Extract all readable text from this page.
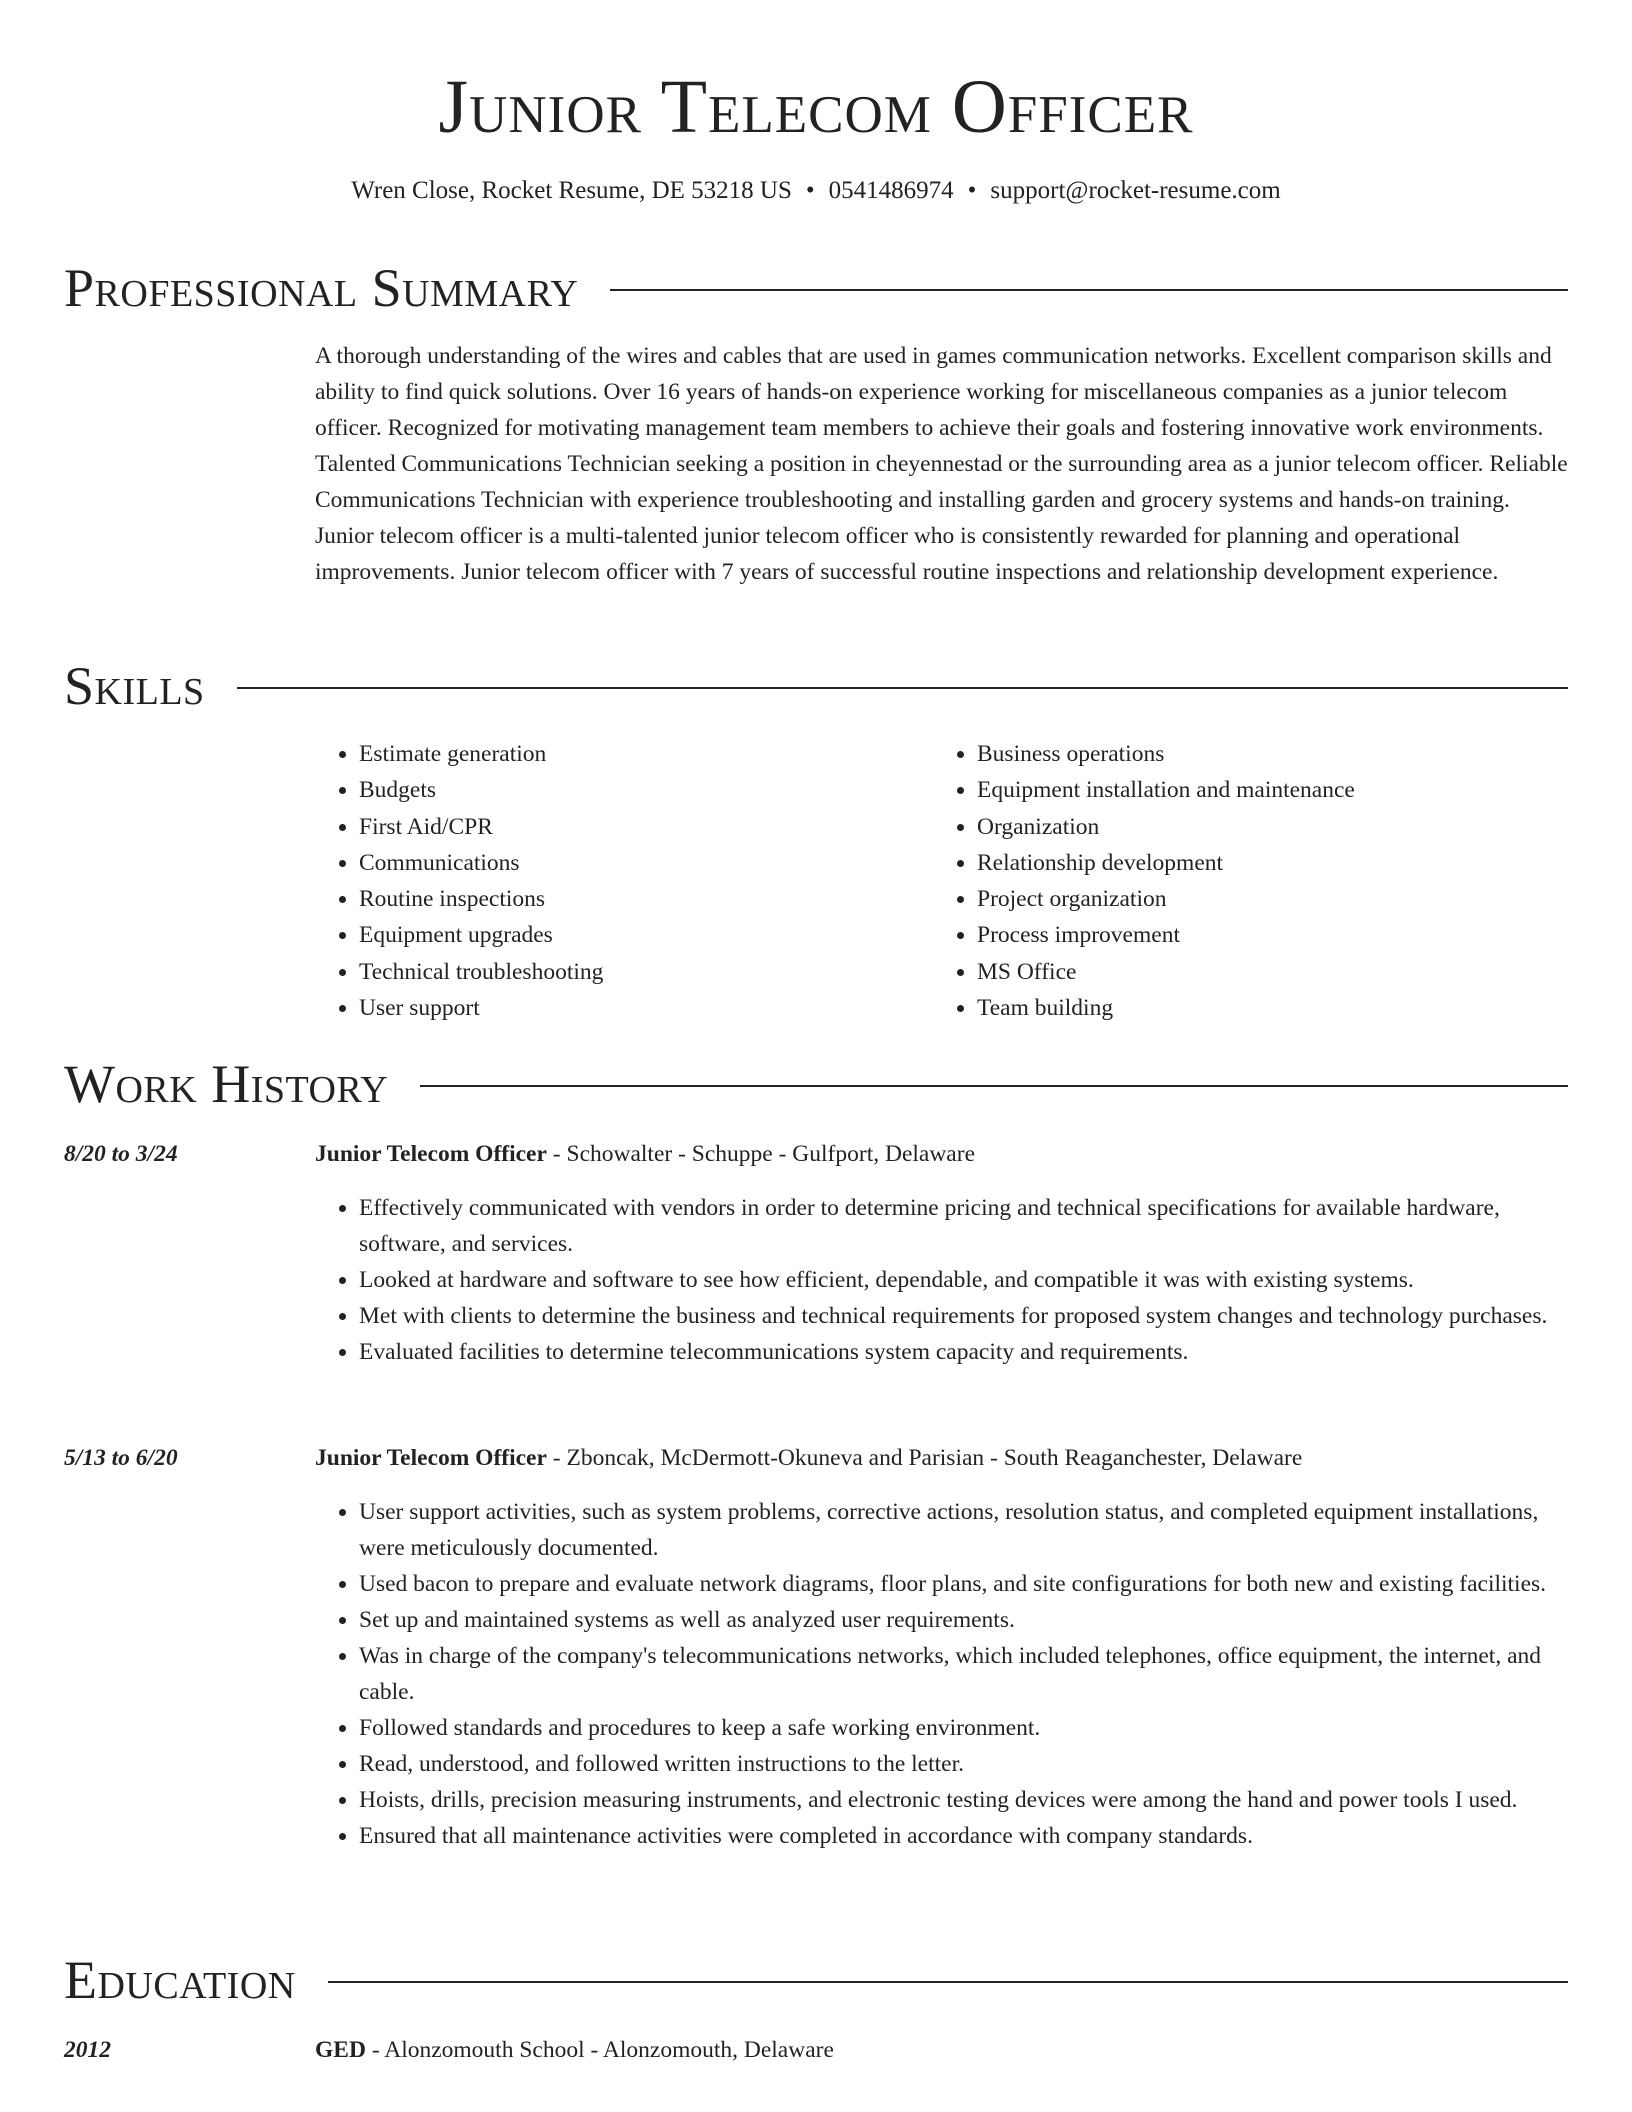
Junior Telecom Officer
Wren Close, Rocket Resume, DE 53218 US • 0541486974 • support@rocket-resume.com
Professional Summary

A thorough understanding of the wires and cables that are used in games communication networks. Excellent comparison skills and ability to find quick solutions. Over 16 years of hands-on experience working for miscellaneous companies as a junior telecom officer. Recognized for motivating management team members to achieve their goals and fostering innovative work environments. Talented Communications Technician seeking a position in cheyennestad or the surrounding area as a junior telecom officer. Reliable Communications Technician with experience troubleshooting and installing garden and grocery systems and hands-on training. Junior telecom officer is a multi-talented junior telecom officer who is consistently rewarded for planning and operational improvements. Junior telecom officer with 7 years of successful routine inspections and relationship development experience.

Skills
• Estimate generation
• Budgets
• First Aid/CPR
• Communications
• Routine inspections
• Equipment upgrades
• Technical troubleshooting
• User support
• Business operations
• Equipment installation and maintenance
• Organization
• Relationship development
• Project organization
• Process improvement
• MS Office
• Team building
Work History
8/20 to 3/24	Junior Telecom Officer - Schowalter - Schuppe - Gulfport, Delaware
• Effectively communicated with vendors in order to determine pricing and technical specifications for available hardware, software, and services.
• Looked at hardware and software to see how efficient, dependable, and compatible it was with existing systems.
• Met with clients to determine the business and technical requirements for proposed system changes and technology purchases.
• Evaluated facilities to determine telecommunications system capacity and requirements.
5/13 to 6/20	Junior Telecom Officer - Zboncak, McDermott-Okuneva and Parisian - South Reaganchester, Delaware
• User support activities, such as system problems, corrective actions, resolution status, and completed equipment installations, were meticulously documented.
• Used bacon to prepare and evaluate network diagrams, floor plans, and site configurations for both new and existing facilities.
• Set up and maintained systems as well as analyzed user requirements.
• Was in charge of the company's telecommunications networks, which included telephones, office equipment, the internet, and cable.
• Followed standards and procedures to keep a safe working environment.
• Read, understood, and followed written instructions to the letter.
• Hoists, drills, precision measuring instruments, and electronic testing devices were among the hand and power tools I used.
• Ensured that all maintenance activities were completed in accordance with company standards.
Education
2012	GED - Alonzomouth School - Alonzomouth, Delaware
